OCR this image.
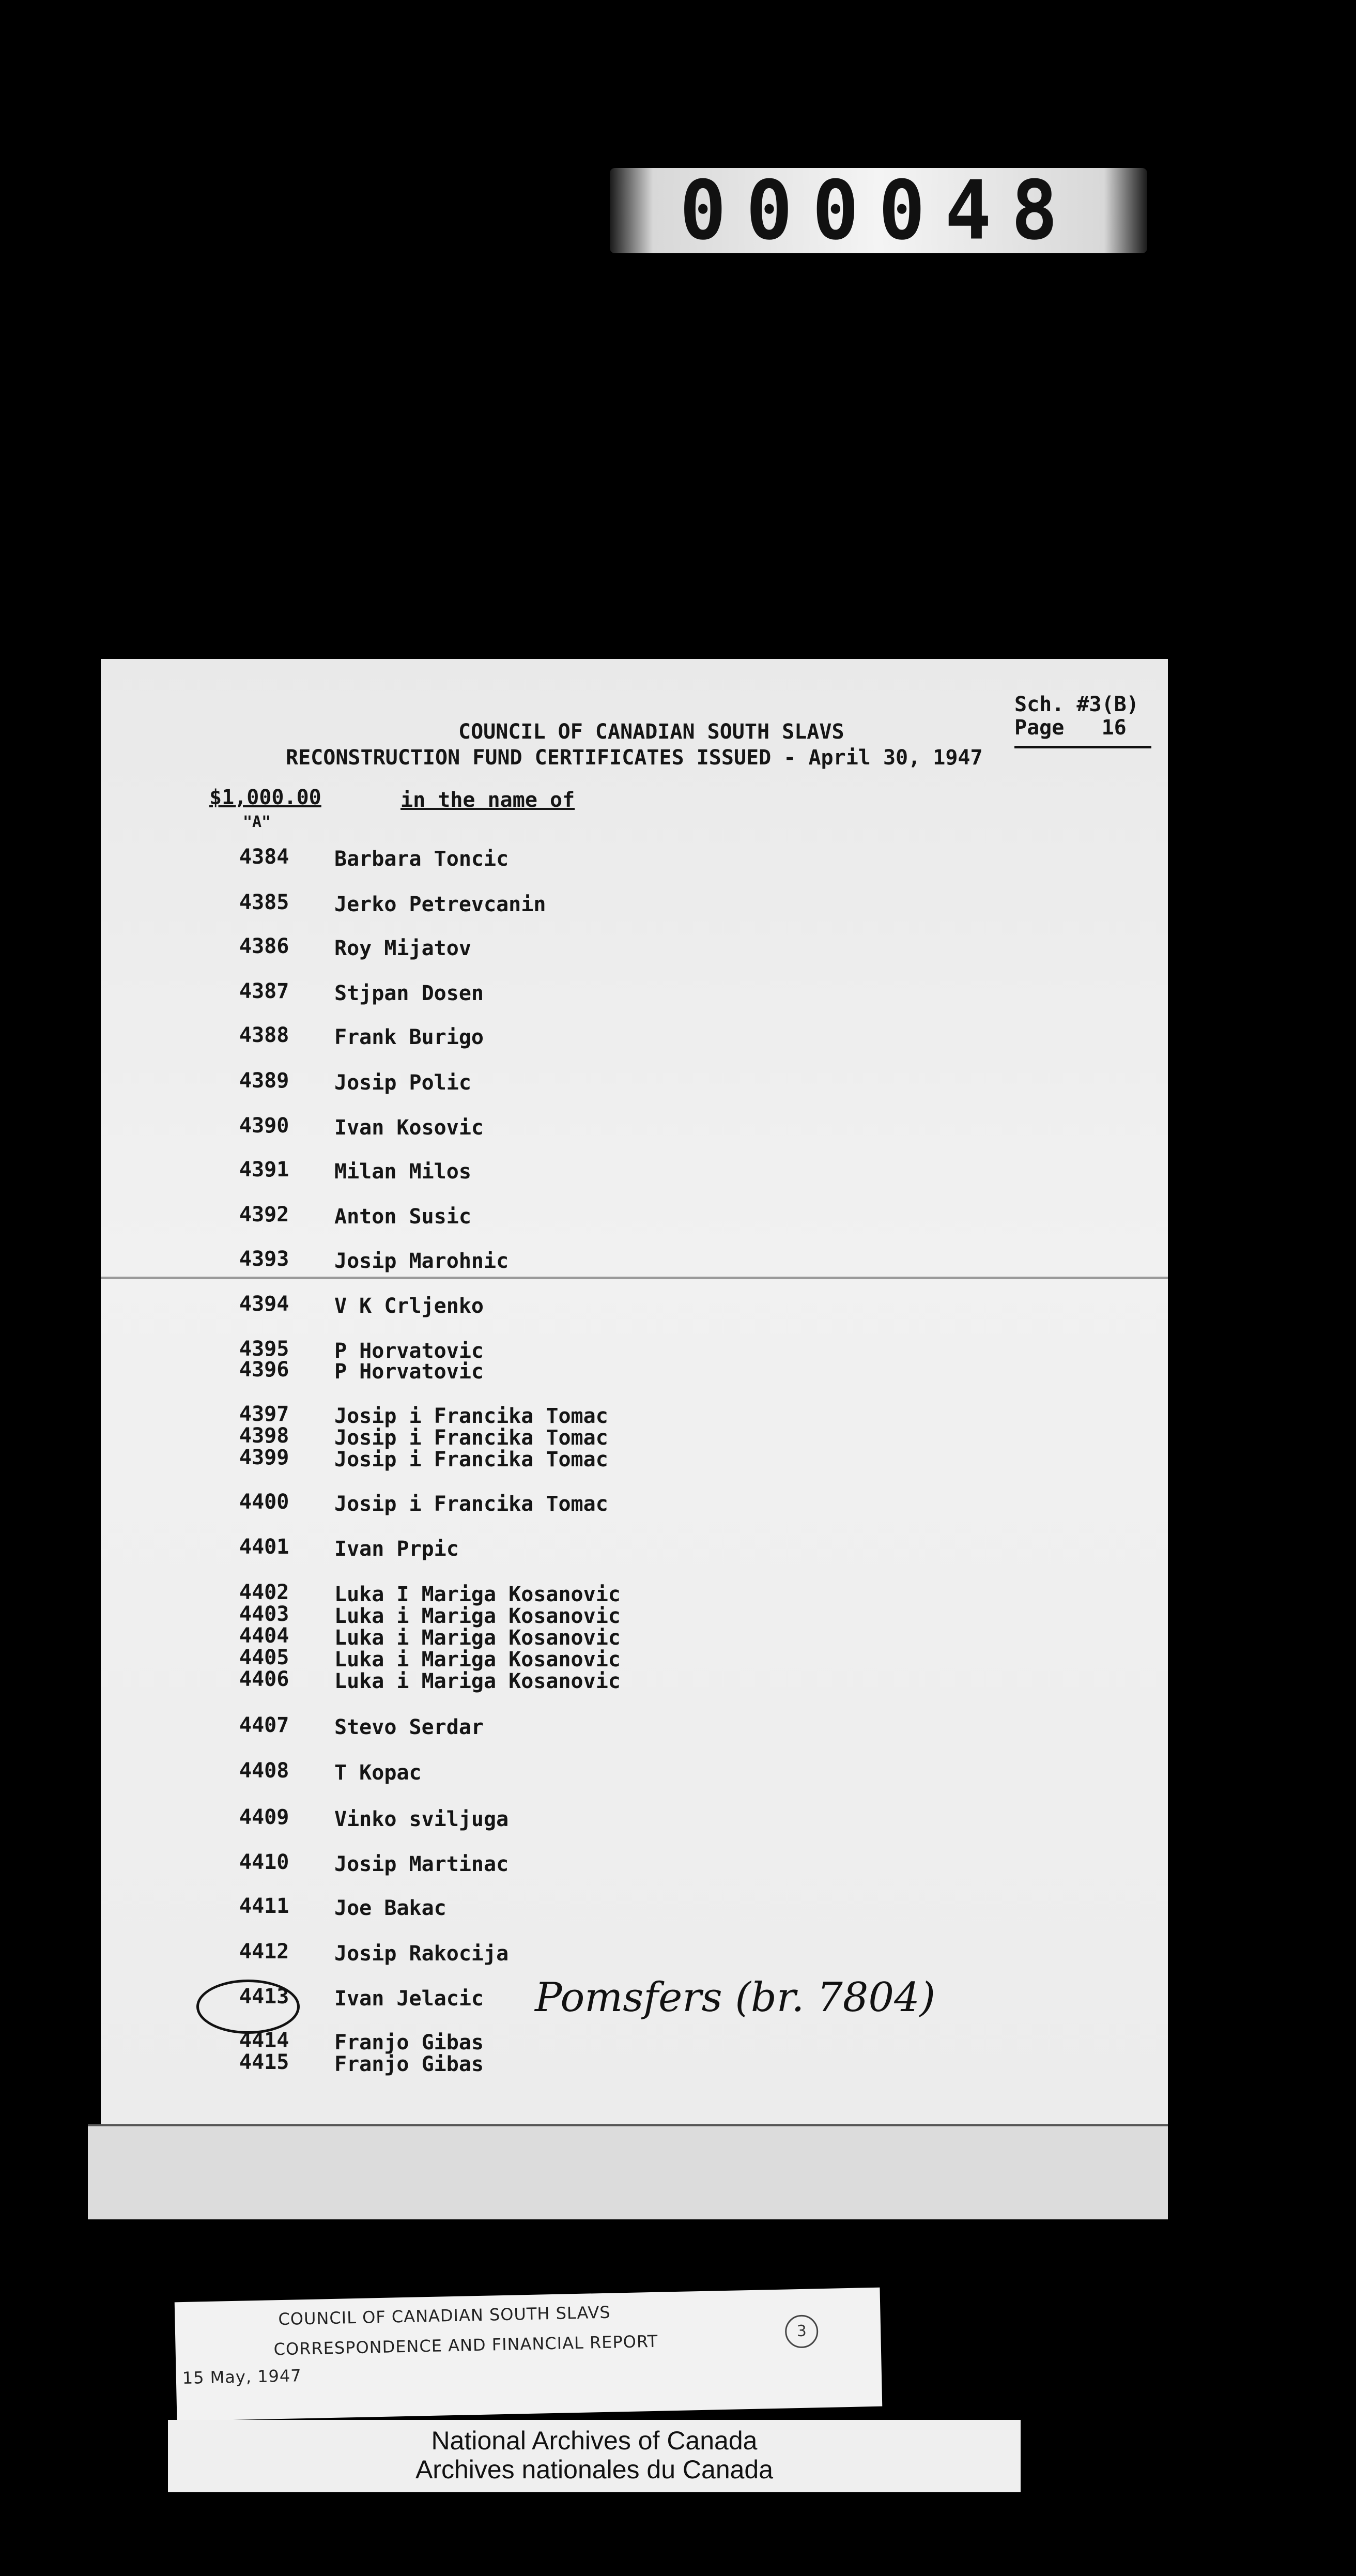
000048
Sch. #3(B)
Page   16
COUNCIL OF CANADIAN SOUTH SLAVS
RECONSTRUCTION FUND CERTIFICATES ISSUED - April 30, 1947
$1,000.00	in the name of
"A"
4384 Barbara Toncic
4385 Jerko Petrevcanin
4386 Roy Mijatov
4387 Stjpan Dosen
4388 Frank Burigo
4389 Josip Polic
4390 Ivan Kosovic
4391 Milan Milos
4392 Anton Susic
4393 Josip Marohnic
4394 V K Crljenko
4395 P Horvatovic
4396 P Horvatovic
4397 Josip i Francika Tomac
4398 Josip i Francika Tomac
4399 Josip i Francika Tomac
4400 Josip i Francika Tomac
4401 Ivan Prpic
4402 Luka I Mariga Kosanovic
4403 Luka i Mariga Kosanovic
4404 Luka i Mariga Kosanovic
4405 Luka i Mariga Kosanovic
4406 Luka i Mariga Kosanovic
4407 Stevo Serdar
4408 T Kopac
4409 Vinko sviljuga
4410 Josip Martinac
4411 Joe Bakac
4412 Josip Rakocija
4413 Ivan Jelacic
4414 Franjo Gibas
4415 Franjo Gibas
Pomsfers (br. 7804)
COUNCIL OF CANADIAN SOUTH SLAVS
CORRESPONDENCE AND FINANCIAL REPORT
15 May, 1947
3
National Archives of Canada
Archives nationales du Canada
